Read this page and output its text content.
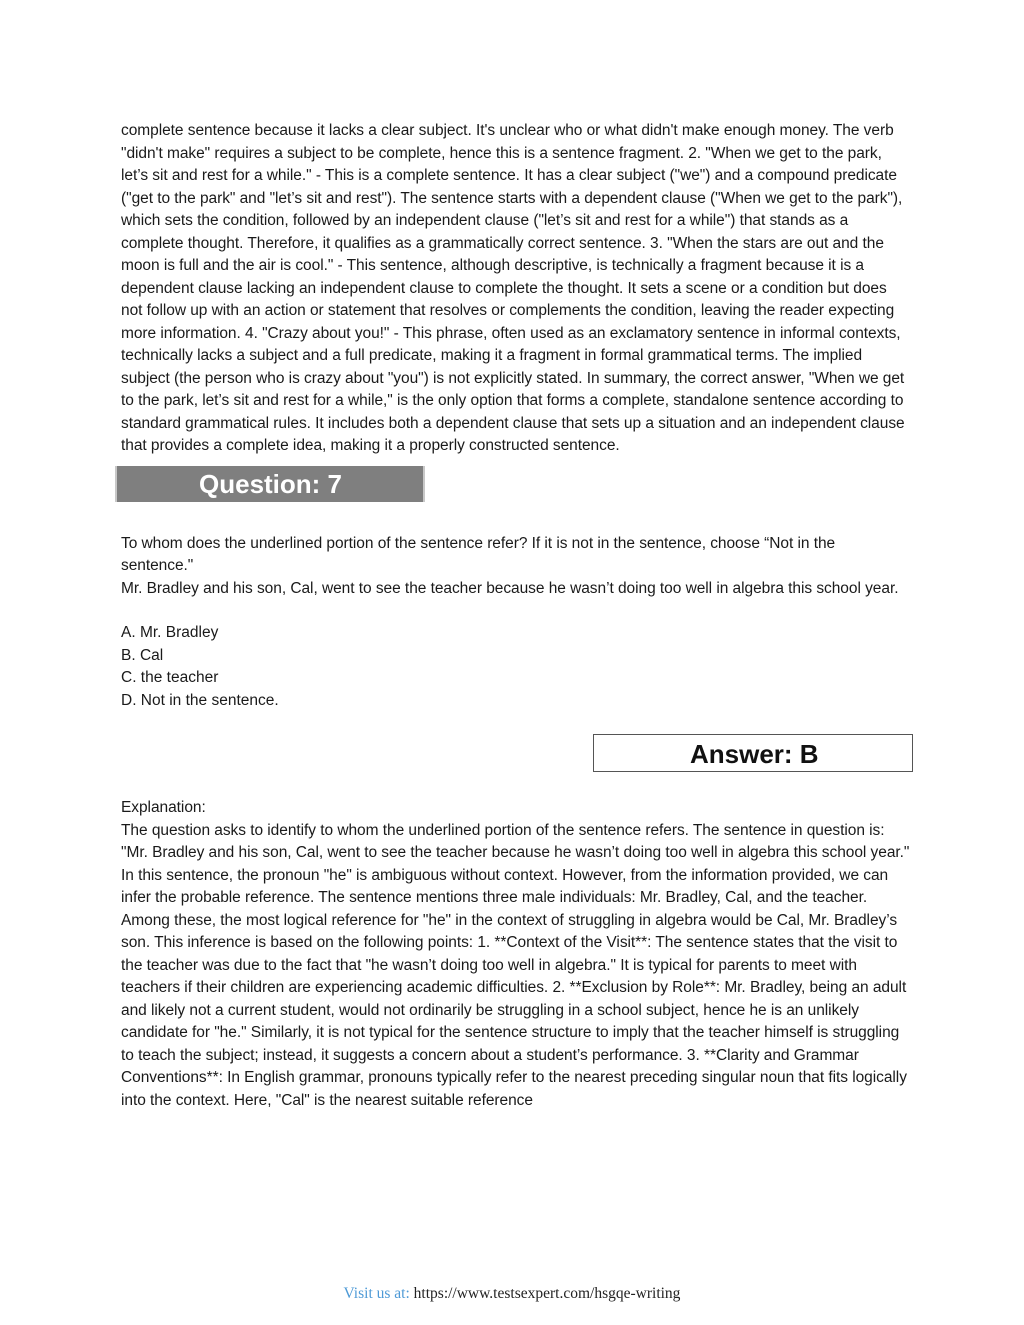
complete sentence because it lacks a clear subject. It's unclear who or what didn't make enough money. The verb "didn't make" requires a subject to be complete, hence this is a sentence fragment. 2. "When we get to the park, let’s sit and rest for a while." - This is a complete sentence. It has a clear subject ("we") and a compound predicate ("get to the park" and "let’s sit and rest"). The sentence starts with a dependent clause ("When we get to the park"), which sets the condition, followed by an independent clause ("let’s sit and rest for a while") that stands as a complete thought. Therefore, it qualifies as a grammatically correct sentence. 3. "When the stars are out and the moon is full and the air is cool." - This sentence, although descriptive, is technically a fragment because it is a dependent clause lacking an independent clause to complete the thought. It sets a scene or a condition but does not follow up with an action or statement that resolves or complements the condition, leaving the reader expecting more information. 4. "Crazy about you!" - This phrase, often used as an exclamatory sentence in informal contexts, technically lacks a subject and a full predicate, making it a fragment in formal grammatical terms. The implied subject (the person who is crazy about "you") is not explicitly stated. In summary, the correct answer, "When we get to the park, let’s sit and rest for a while," is the only option that forms a complete, standalone sentence according to standard grammatical rules. It includes both a dependent clause that sets up a situation and an independent clause that provides a complete idea, making it a properly constructed sentence.

Question: 7

To whom does the underlined portion of the sentence refer? If it is not in the sentence, choose “Not in the sentence."

Mr. Bradley and his son, Cal, went to see the teacher because he wasn’t doing too well in algebra this school year.

A. Mr. Bradley
B. Cal
C. the teacher
D. Not in the sentence.
Answer: B

Explanation:

The question asks to identify to whom the underlined portion of the sentence refers. The sentence in question is: "Mr. Bradley and his son, Cal, went to see the teacher because he wasn’t doing too well in algebra this school year." In this sentence, the pronoun "he" is ambiguous without context. However, from the information provided, we can infer the probable reference. The sentence mentions three male individuals: Mr. Bradley, Cal, and the teacher. Among these, the most logical reference for "he" in the context of struggling in algebra would be Cal, Mr. Bradley’s son. This inference is based on the following points: 1. **Context of the Visit**: The sentence states that the visit to the teacher was due to the fact that "he wasn’t doing too well in algebra." It is typical for parents to meet with teachers if their children are experiencing academic difficulties. 2. **Exclusion by Role**: Mr. Bradley, being an adult and likely not a current student, would not ordinarily be struggling in a school subject, hence he is an unlikely candidate for "he." Similarly, it is not typical for the sentence structure to imply that the teacher himself is struggling to teach the subject; instead, it suggests a concern about a student’s performance. 3. **Clarity and Grammar Conventions**: In English grammar, pronouns typically refer to the nearest preceding singular noun that fits logically into the context. Here, "Cal" is the nearest suitable reference

Visit us at: https://www.testsexpert.com/hsgqe-writing
